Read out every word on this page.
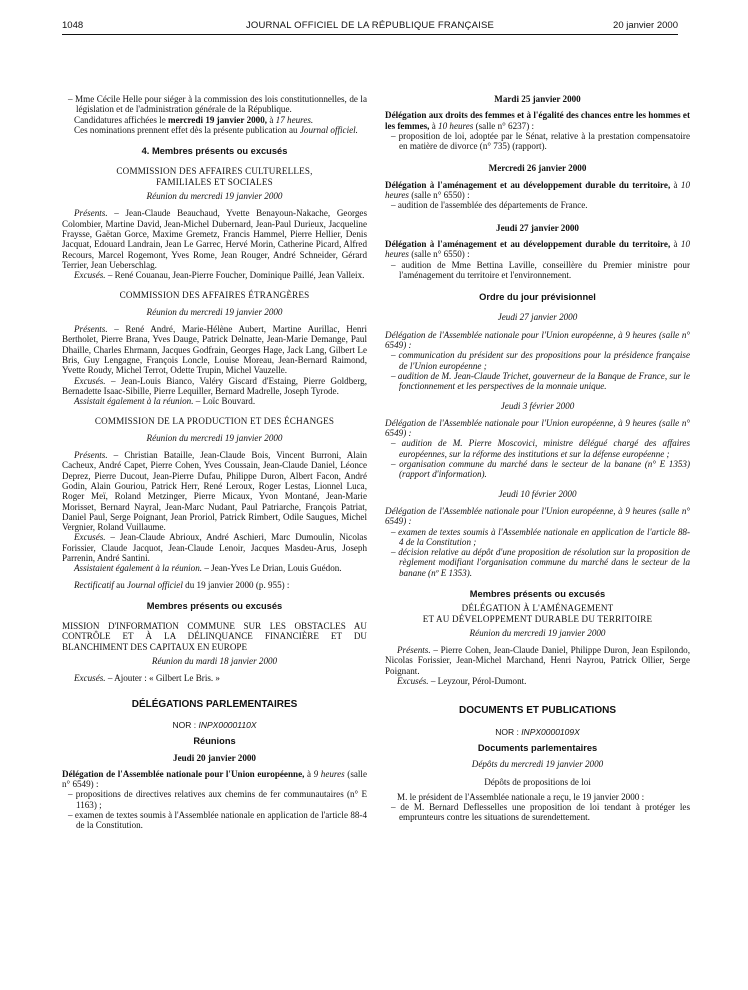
1048	JOURNAL OFFICIEL DE LA RÉPUBLIQUE FRANÇAISE	20 janvier 2000

– Mme Cécile Helle pour siéger à la commission des lois constitutionnelles, de la législation et de l'administration générale de la République.

Candidatures affichées le mercredi 19 janvier 2000, à 17 heures.

Ces nominations prennent effet dès la présente publication au Journal officiel.

4. Membres présents ou excusés
COMMISSION DES AFFAIRES CULTURELLES,
FAMILIALES ET SOCIALES
Réunion du mercredi 19 janvier 2000

Présents. – Jean-Claude Beauchaud, Yvette Benayoun-Nakache, Georges Colombier, Martine David, Jean-Michel Dubernard, Jean-Paul Durieux, Jacqueline Fraysse, Gaëtan Gorce, Maxime Gremetz, Francis Hammel, Pierre Hellier, Denis Jacquat, Edouard Landrain, Jean Le Garrec, Hervé Morin, Catherine Picard, Alfred Recours, Marcel Rogemont, Yves Rome, Jean Rouger, André Schneider, Gérard Terrier, Jean Ueberschlag.

Excusés. – René Couanau, Jean-Pierre Foucher, Dominique Paillé, Jean Valleix.

COMMISSION DES AFFAIRES ÉTRANGÈRES
Réunion du mercredi 19 janvier 2000

Présents. – René André, Marie-Hélène Aubert, Martine Aurillac, Henri Bertholet, Pierre Brana, Yves Dauge, Patrick Delnatte, Jean-Marie Demange, Paul Dhaille, Charles Ehrmann, Jacques Godfrain, Georges Hage, Jack Lang, Gilbert Le Bris, Guy Lengagne, François Loncle, Louise Moreau, Jean-Bernard Raimond, Yvette Roudy, Michel Terrot, Odette Trupin, Michel Vauzelle.

Excusés. – Jean-Louis Bianco, Valéry Giscard d'Estaing, Pierre Goldberg, Bernadette Isaac-Sibille, Pierre Lequiller, Bernard Madrelle, Joseph Tyrode.

Assistait également à la réunion. – Loïc Bouvard.

COMMISSION DE LA PRODUCTION ET DES ÉCHANGES
Réunion du mercredi 19 janvier 2000

Présents. – Christian Bataille, Jean-Claude Bois, Vincent Burroni, Alain Cacheux, André Capet, Pierre Cohen, Yves Coussain, Jean-Claude Daniel, Léonce Deprez, Pierre Ducout, Jean-Pierre Dufau, Philippe Duron, Albert Facon, André Godin, Alain Gouriou, Patrick Herr, René Leroux, Roger Lestas, Lionnel Luca, Roger Meï, Roland Metzinger, Pierre Micaux, Yvon Montané, Jean-Marie Morisset, Bernard Nayral, Jean-Marc Nudant, Paul Patriarche, François Patriat, Daniel Paul, Serge Poignant, Jean Proriol, Patrick Rimbert, Odile Saugues, Michel Vergnier, Roland Vuillaume.

Excusés. – Jean-Claude Abrioux, André Aschieri, Marc Dumoulin, Nicolas Forissier, Claude Jacquot, Jean-Claude Lenoir, Jacques Masdeu-Arus, Joseph Parrenin, André Santini.

Assistaient également à la réunion. – Jean-Yves Le Drian, Louis Guédon.

Rectificatif au Journal officiel du 19 janvier 2000 (p. 955) :

Membres présents ou excusés

MISSION D'INFORMATION COMMUNE SUR LES OBSTACLES AU CONTRÔLE ET À LA DÉLINQUANCE FINANCIÈRE ET DU BLANCHIMENT DES CAPITAUX EN EUROPE

Réunion du mardi 18 janvier 2000

Excusés. – Ajouter : « Gilbert Le Bris. »

DÉLÉGATIONS PARLEMENTAIRES
NOR : INPX0000110X
Réunions
Jeudi 20 janvier 2000

Délégation de l'Assemblée nationale pour l'Union européenne, à 9 heures (salle n° 6549) :

– propositions de directives relatives aux chemins de fer communautaires (n° E 1163) ;

– examen de textes soumis à l'Assemblée nationale en application de l'article 88-4 de la Constitution.

Mardi 25 janvier 2000

Délégation aux droits des femmes et à l'égalité des chances entre les hommes et les femmes, à 10 heures (salle n° 6237) :

– proposition de loi, adoptée par le Sénat, relative à la prestation compensatoire en matière de divorce (n° 735) (rapport).

Mercredi 26 janvier 2000

Délégation à l'aménagement et au développement durable du territoire, à 10 heures (salle n° 6550) :

– audition de l'assemblée des départements de France.

Jeudi 27 janvier 2000

Délégation à l'aménagement et au développement durable du territoire, à 10 heures (salle n° 6550) :

– audition de Mme Bettina Laville, conseillère du Premier ministre pour l'aménagement du territoire et l'environnement.

Ordre du jour prévisionnel
Jeudi 27 janvier 2000

Délégation de l'Assemblée nationale pour l'Union européenne, à 9 heures (salle n° 6549) :

– communication du président sur des propositions pour la présidence française de l'Union européenne ;

– audition de M. Jean-Claude Trichet, gouverneur de la Banque de France, sur le fonctionnement et les perspectives de la monnaie unique.

Jeudi 3 février 2000

Délégation de l'Assemblée nationale pour l'Union européenne, à 9 heures (salle n° 6549) :

– audition de M. Pierre Moscovici, ministre délégué chargé des affaires européennes, sur la réforme des institutions et sur la défense européenne ;

– organisation commune du marché dans le secteur de la banane (n° E 1353) (rapport d'information).

Jeudi 10 février 2000

Délégation de l'Assemblée nationale pour l'Union européenne, à 9 heures (salle n° 6549) :

– examen de textes soumis à l'Assemblée nationale en application de l'article 88-4 de la Constitution ;

– décision relative au dépôt d'une proposition de résolution sur la proposition de règlement modifiant l'organisation commune du marché dans le secteur de la banane (nº E 1353).

Membres présents ou excusés
DÉLÉGATION À L'AMÉNAGEMENT
ET AU DÉVELOPPEMENT DURABLE DU TERRITOIRE
Réunion du mercredi 19 janvier 2000

Présents. – Pierre Cohen, Jean-Claude Daniel, Philippe Duron, Jean Espilondo, Nicolas Forissier, Jean-Michel Marchand, Henri Nayrou, Patrick Ollier, Serge Poignant.

Excusés. – Leyzour, Pérol-Dumont.

DOCUMENTS ET PUBLICATIONS
NOR : INPX0000109X
Documents parlementaires
Dépôts du mercredi 19 janvier 2000
Dépôts de propositions de loi

M. le président de l'Assemblée nationale a reçu, le 19 janvier 2000 :

– de M. Bernard Deflesselles une proposition de loi tendant à protéger les emprunteurs contre les situations de surendettement.
